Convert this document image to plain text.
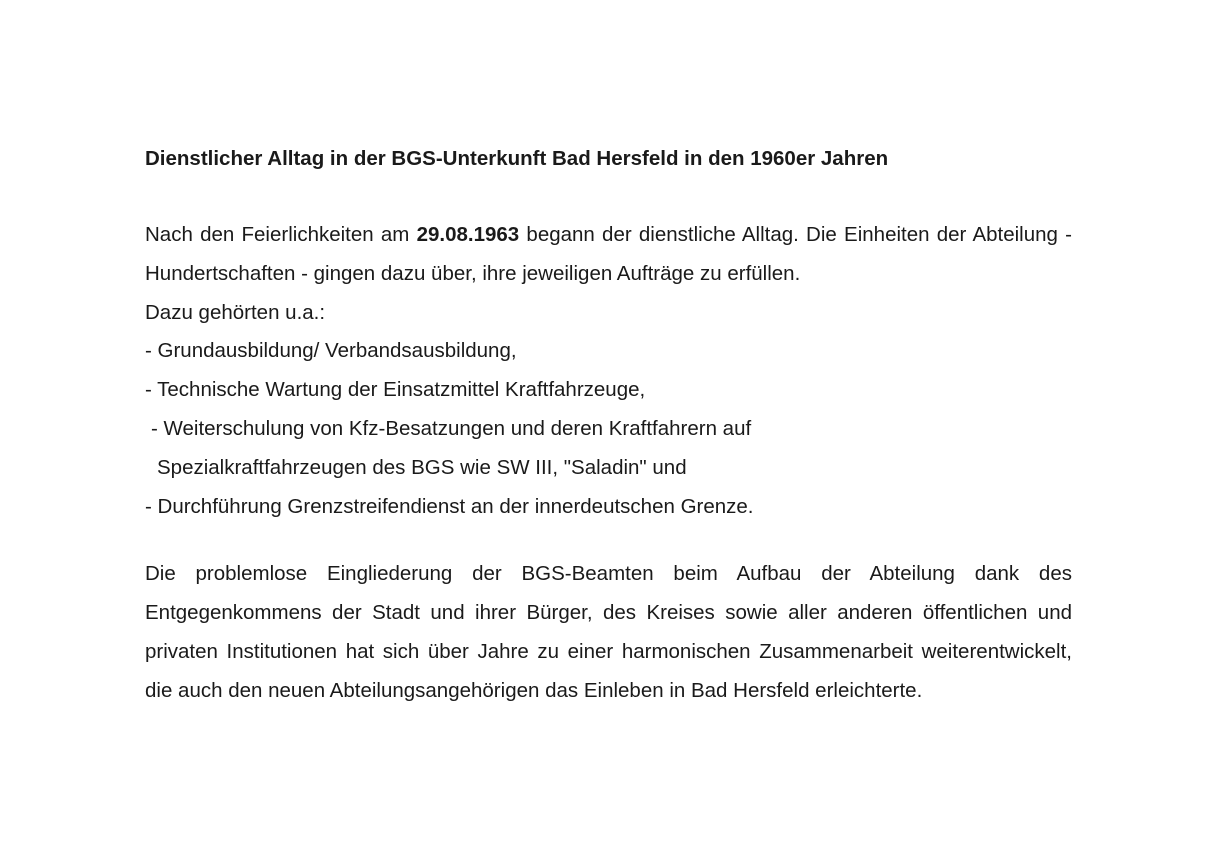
Dienstlicher Alltag in der BGS-Unterkunft Bad Hersfeld in den 1960er Jahren

Nach den Feierlichkeiten am 29.08.1963 begann der dienstliche Alltag. Die Einheiten der Abteilung - Hundertschaften - gingen dazu über, ihre jeweiligen Aufträge zu erfüllen.

Dazu gehörten u.a.:
- Grundausbildung/ Verbandsausbildung,
- Technische Wartung der Einsatzmittel Kraftfahrzeuge,
- Weiterschulung von Kfz-Besatzungen und deren Kraftfahrern auf
Spezialkraftfahrzeugen des BGS wie SW III, "Saladin" und
- Durchführung Grenzstreifendienst an der innerdeutschen Grenze.

Die problemlose Eingliederung der BGS-Beamten beim Aufbau der Abteilung dank des Entgegenkommens der Stadt und ihrer Bürger, des Kreises sowie aller anderen öffentlichen und privaten Institutionen hat sich über Jahre zu einer harmonischen Zusammenarbeit weiterentwickelt, die auch den neuen Abteilungsangehörigen das Einleben in Bad Hersfeld erleichterte.
